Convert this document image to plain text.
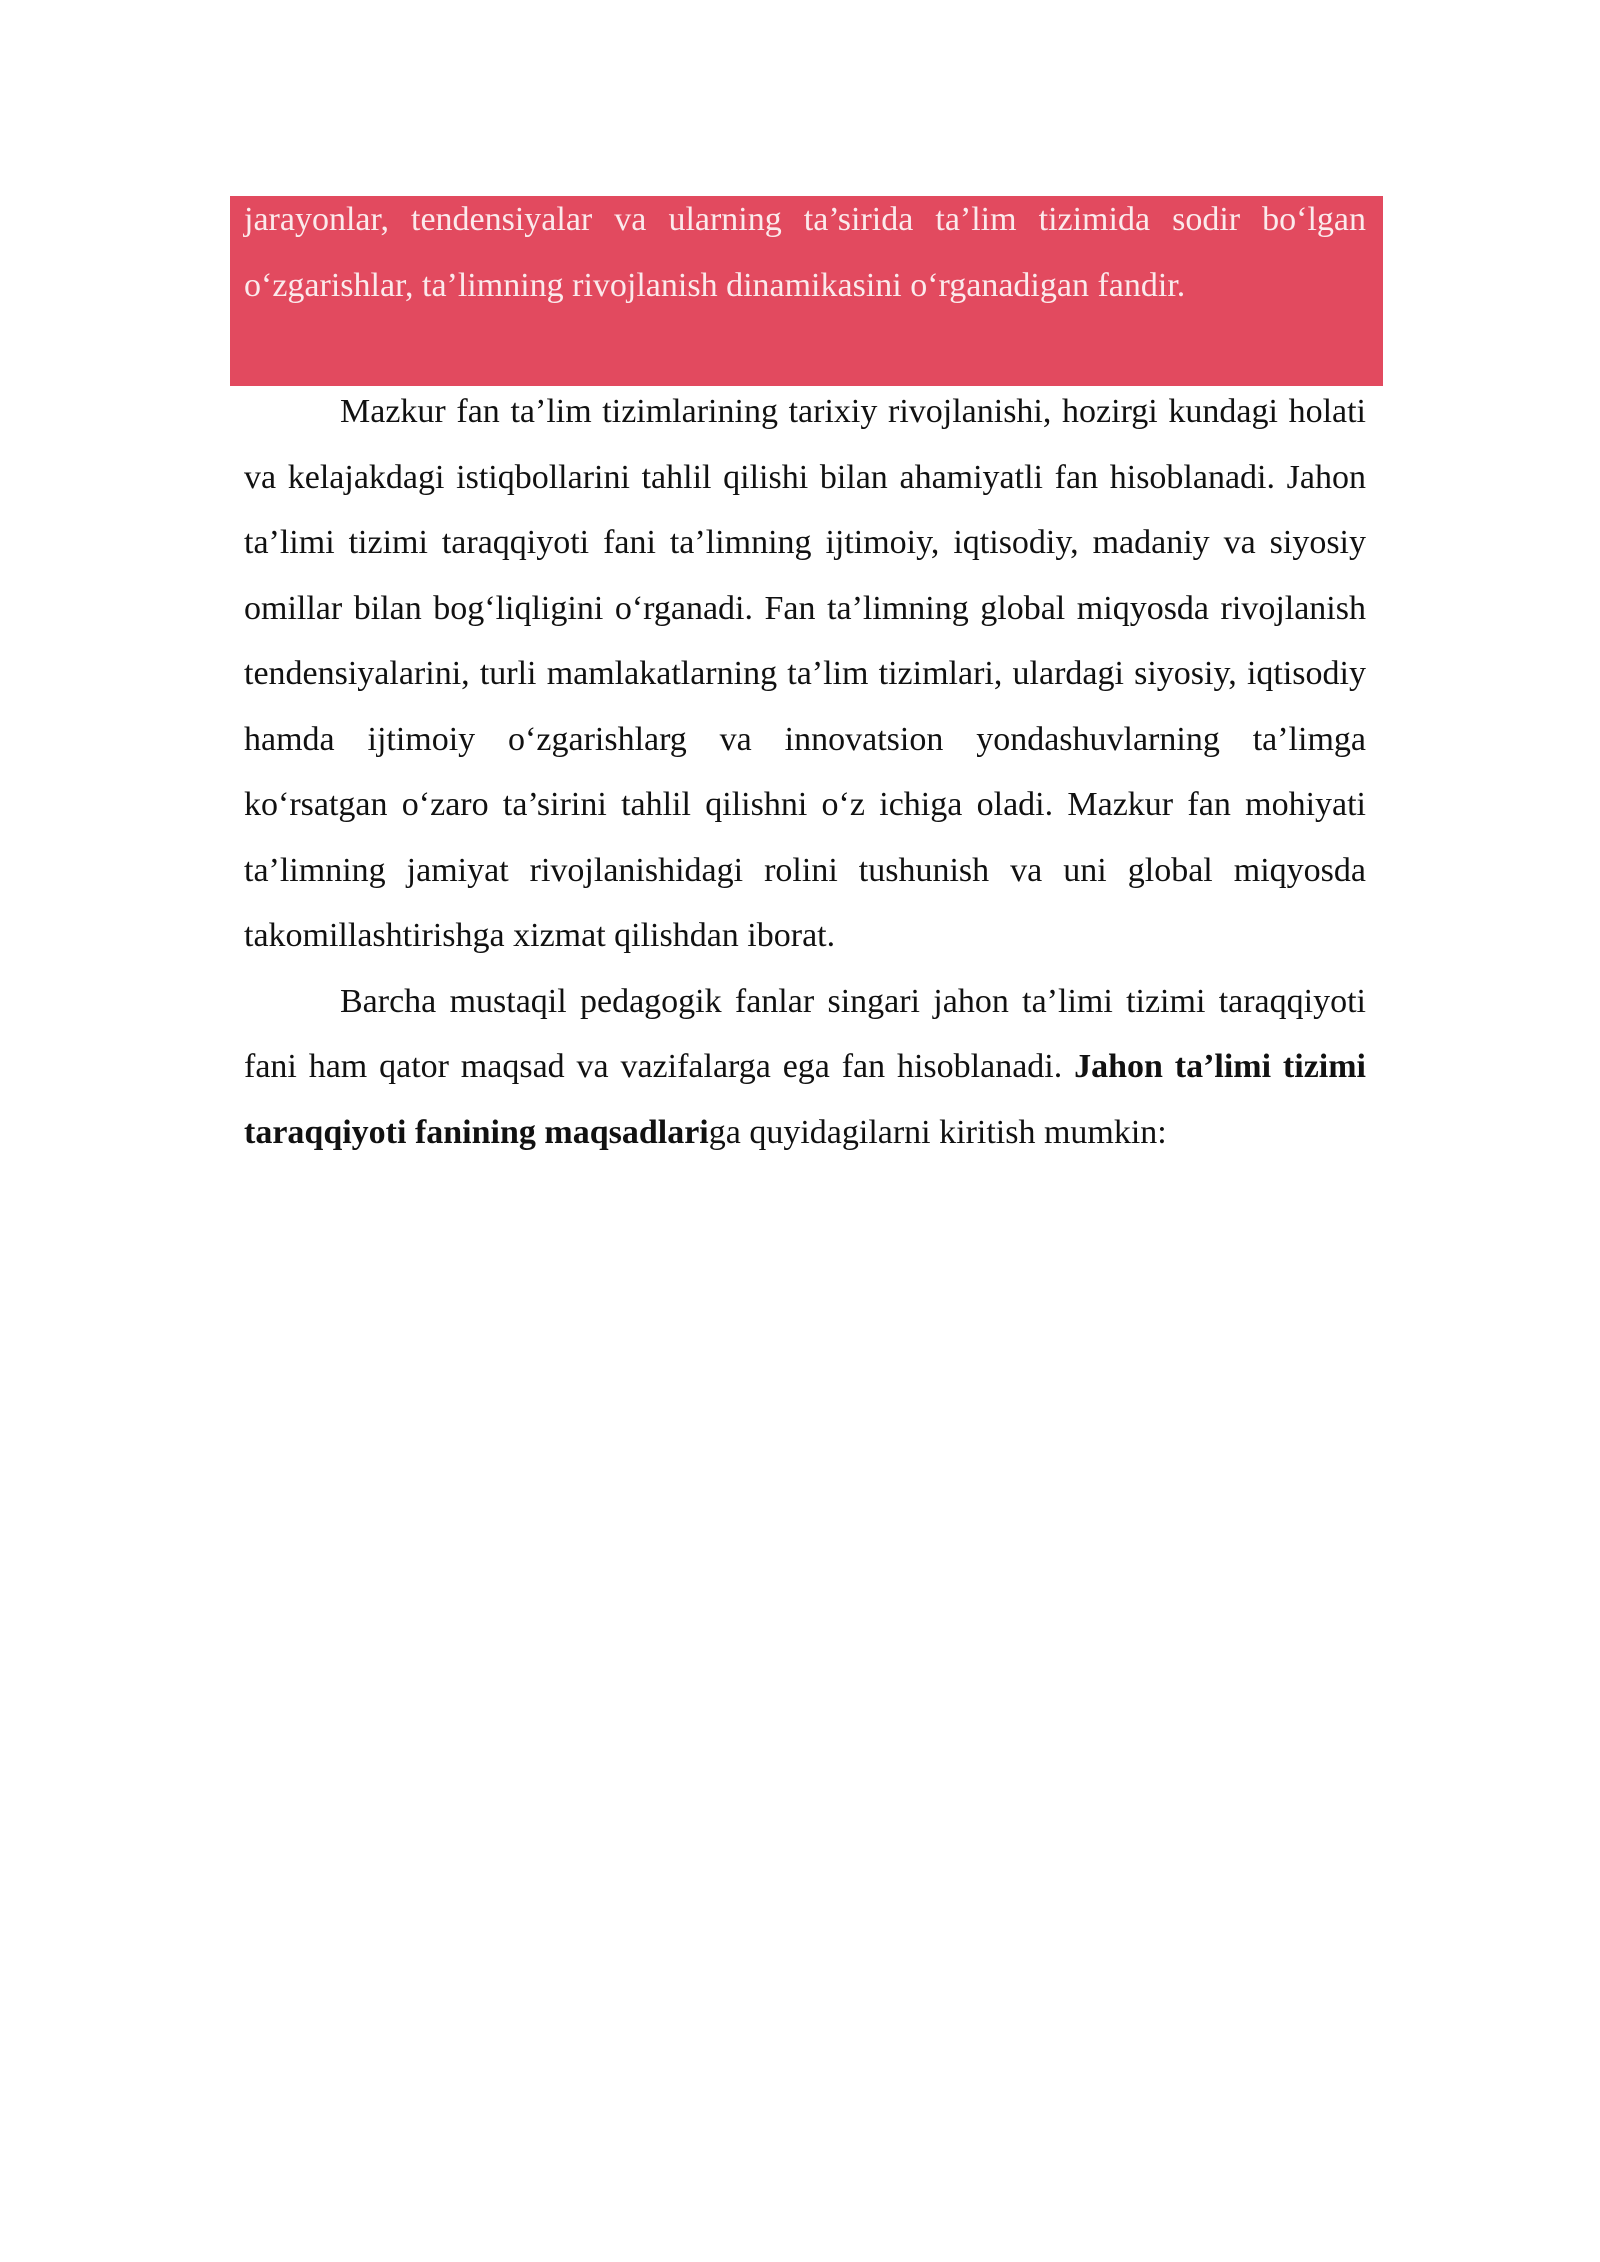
jarayonlar, tendensiyalar va ularning ta’sirida ta’lim tizimida sodir bo‘lgan o‘zgarishlar, ta’limning rivojlanish dinamikasini o‘rganadigan fandir.

Mazkur fan ta’lim tizimlarining tarixiy rivojlanishi, hozirgi kundagi holati va kelajakdagi istiqbollarini tahlil qilishi bilan ahamiyatli fan hisoblanadi. Jahon ta’limi tizimi taraqqiyoti fani ta’limning ijtimoiy, iqtisodiy, madaniy va siyosiy omillar bilan bog‘liqligini o‘rganadi. Fan ta’limning global miqyosda rivojlanish tendensiyalarini, turli mamlakatlarning ta’lim tizimlari, ulardagi siyosiy, iqtisodiy hamda ijtimoiy o‘zgarishlarg va innovatsion yondashuvlarning ta’limga ko‘rsatgan o‘zaro ta’sirini tahlil qilishni o‘z ichiga oladi. Mazkur fan mohiyati ta’limning jamiyat rivojlanishidagi rolini tushunish va uni global miqyosda takomillashtirishga xizmat qilishdan iborat.

Barcha mustaqil pedagogik fanlar singari jahon ta’limi tizimi taraqqiyoti fani ham qator maqsad va vazifalarga ega fan hisoblanadi. Jahon ta’limi tizimi taraqqiyoti fanining maqsadlariga quyidagilarni kiritish mumkin:
